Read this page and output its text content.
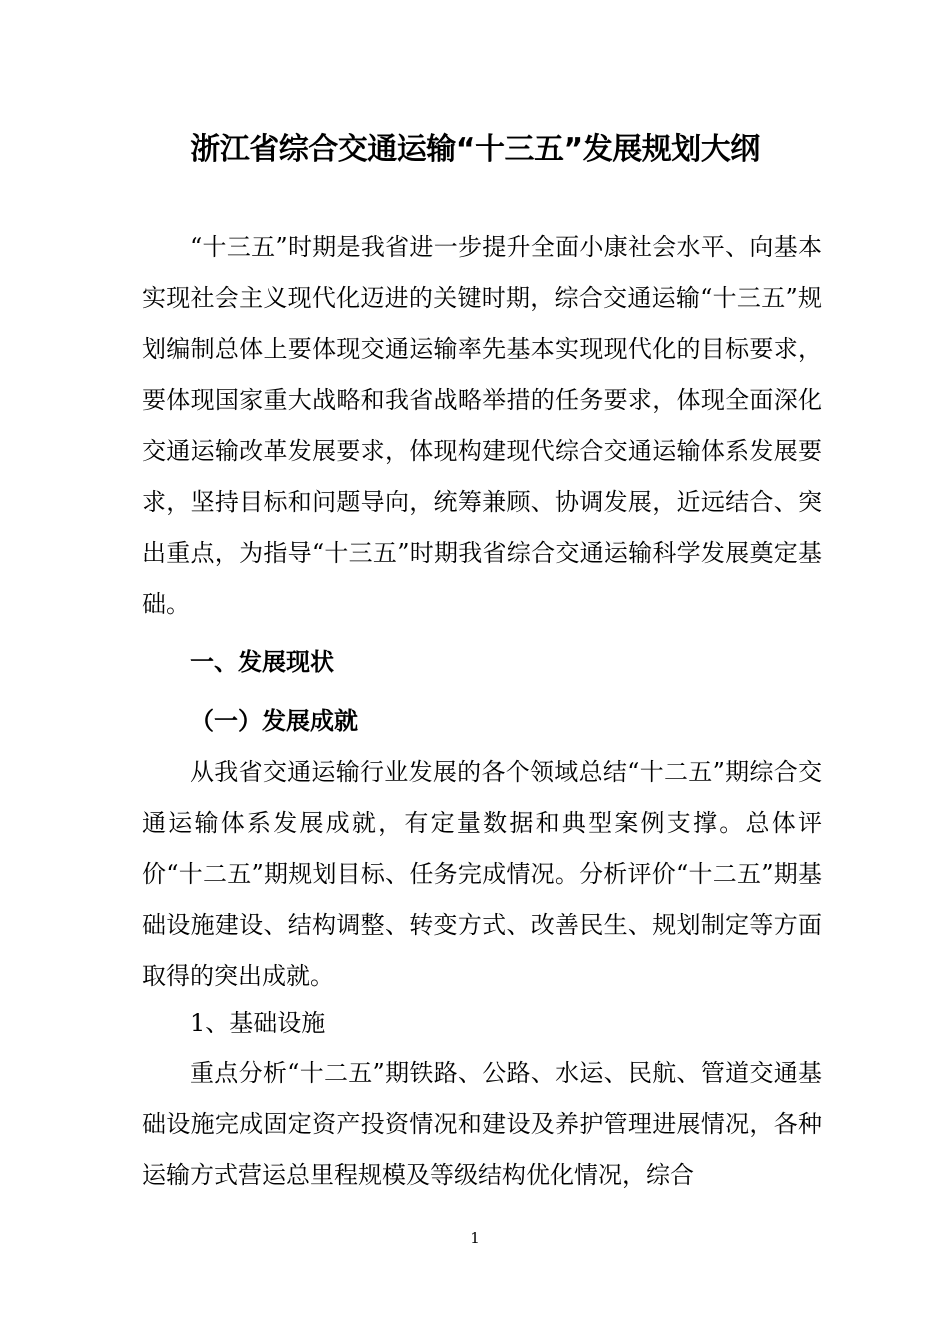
浙江省综合交通运输“十三五”发展规划大纲

“十三五”时期是我省进一步提升全面小康社会水平、向基本实现社会主义现代化迈进的关键时期，综合交通运输“十三五”规划编制总体上要体现交通运输率先基本实现现代化的目标要求，要体现国家重大战略和我省战略举措的任务要求，体现全面深化交通运输改革发展要求，体现构建现代综合交通运输体系发展要求，坚持目标和问题导向，统筹兼顾、协调发展，近远结合、突出重点，为指导“十三五”时期我省综合交通运输科学发展奠定基础。

一、发展现状
（一）发展成就

从我省交通运输行业发展的各个领域总结“十二五”期综合交通运输体系发展成就，有定量数据和典型案例支撑。总体评价“十二五”期规划目标、任务完成情况。分析评价“十二五”期基础设施建设、结构调整、转变方式、改善民生、规划制定等方面取得的突出成就。

1、基础设施

重点分析“十二五”期铁路、公路、水运、民航、管道交通基础设施完成固定资产投资情况和建设及养护管理进展情况，各种运输方式营运总里程规模及等级结构优化情况，综合

1
